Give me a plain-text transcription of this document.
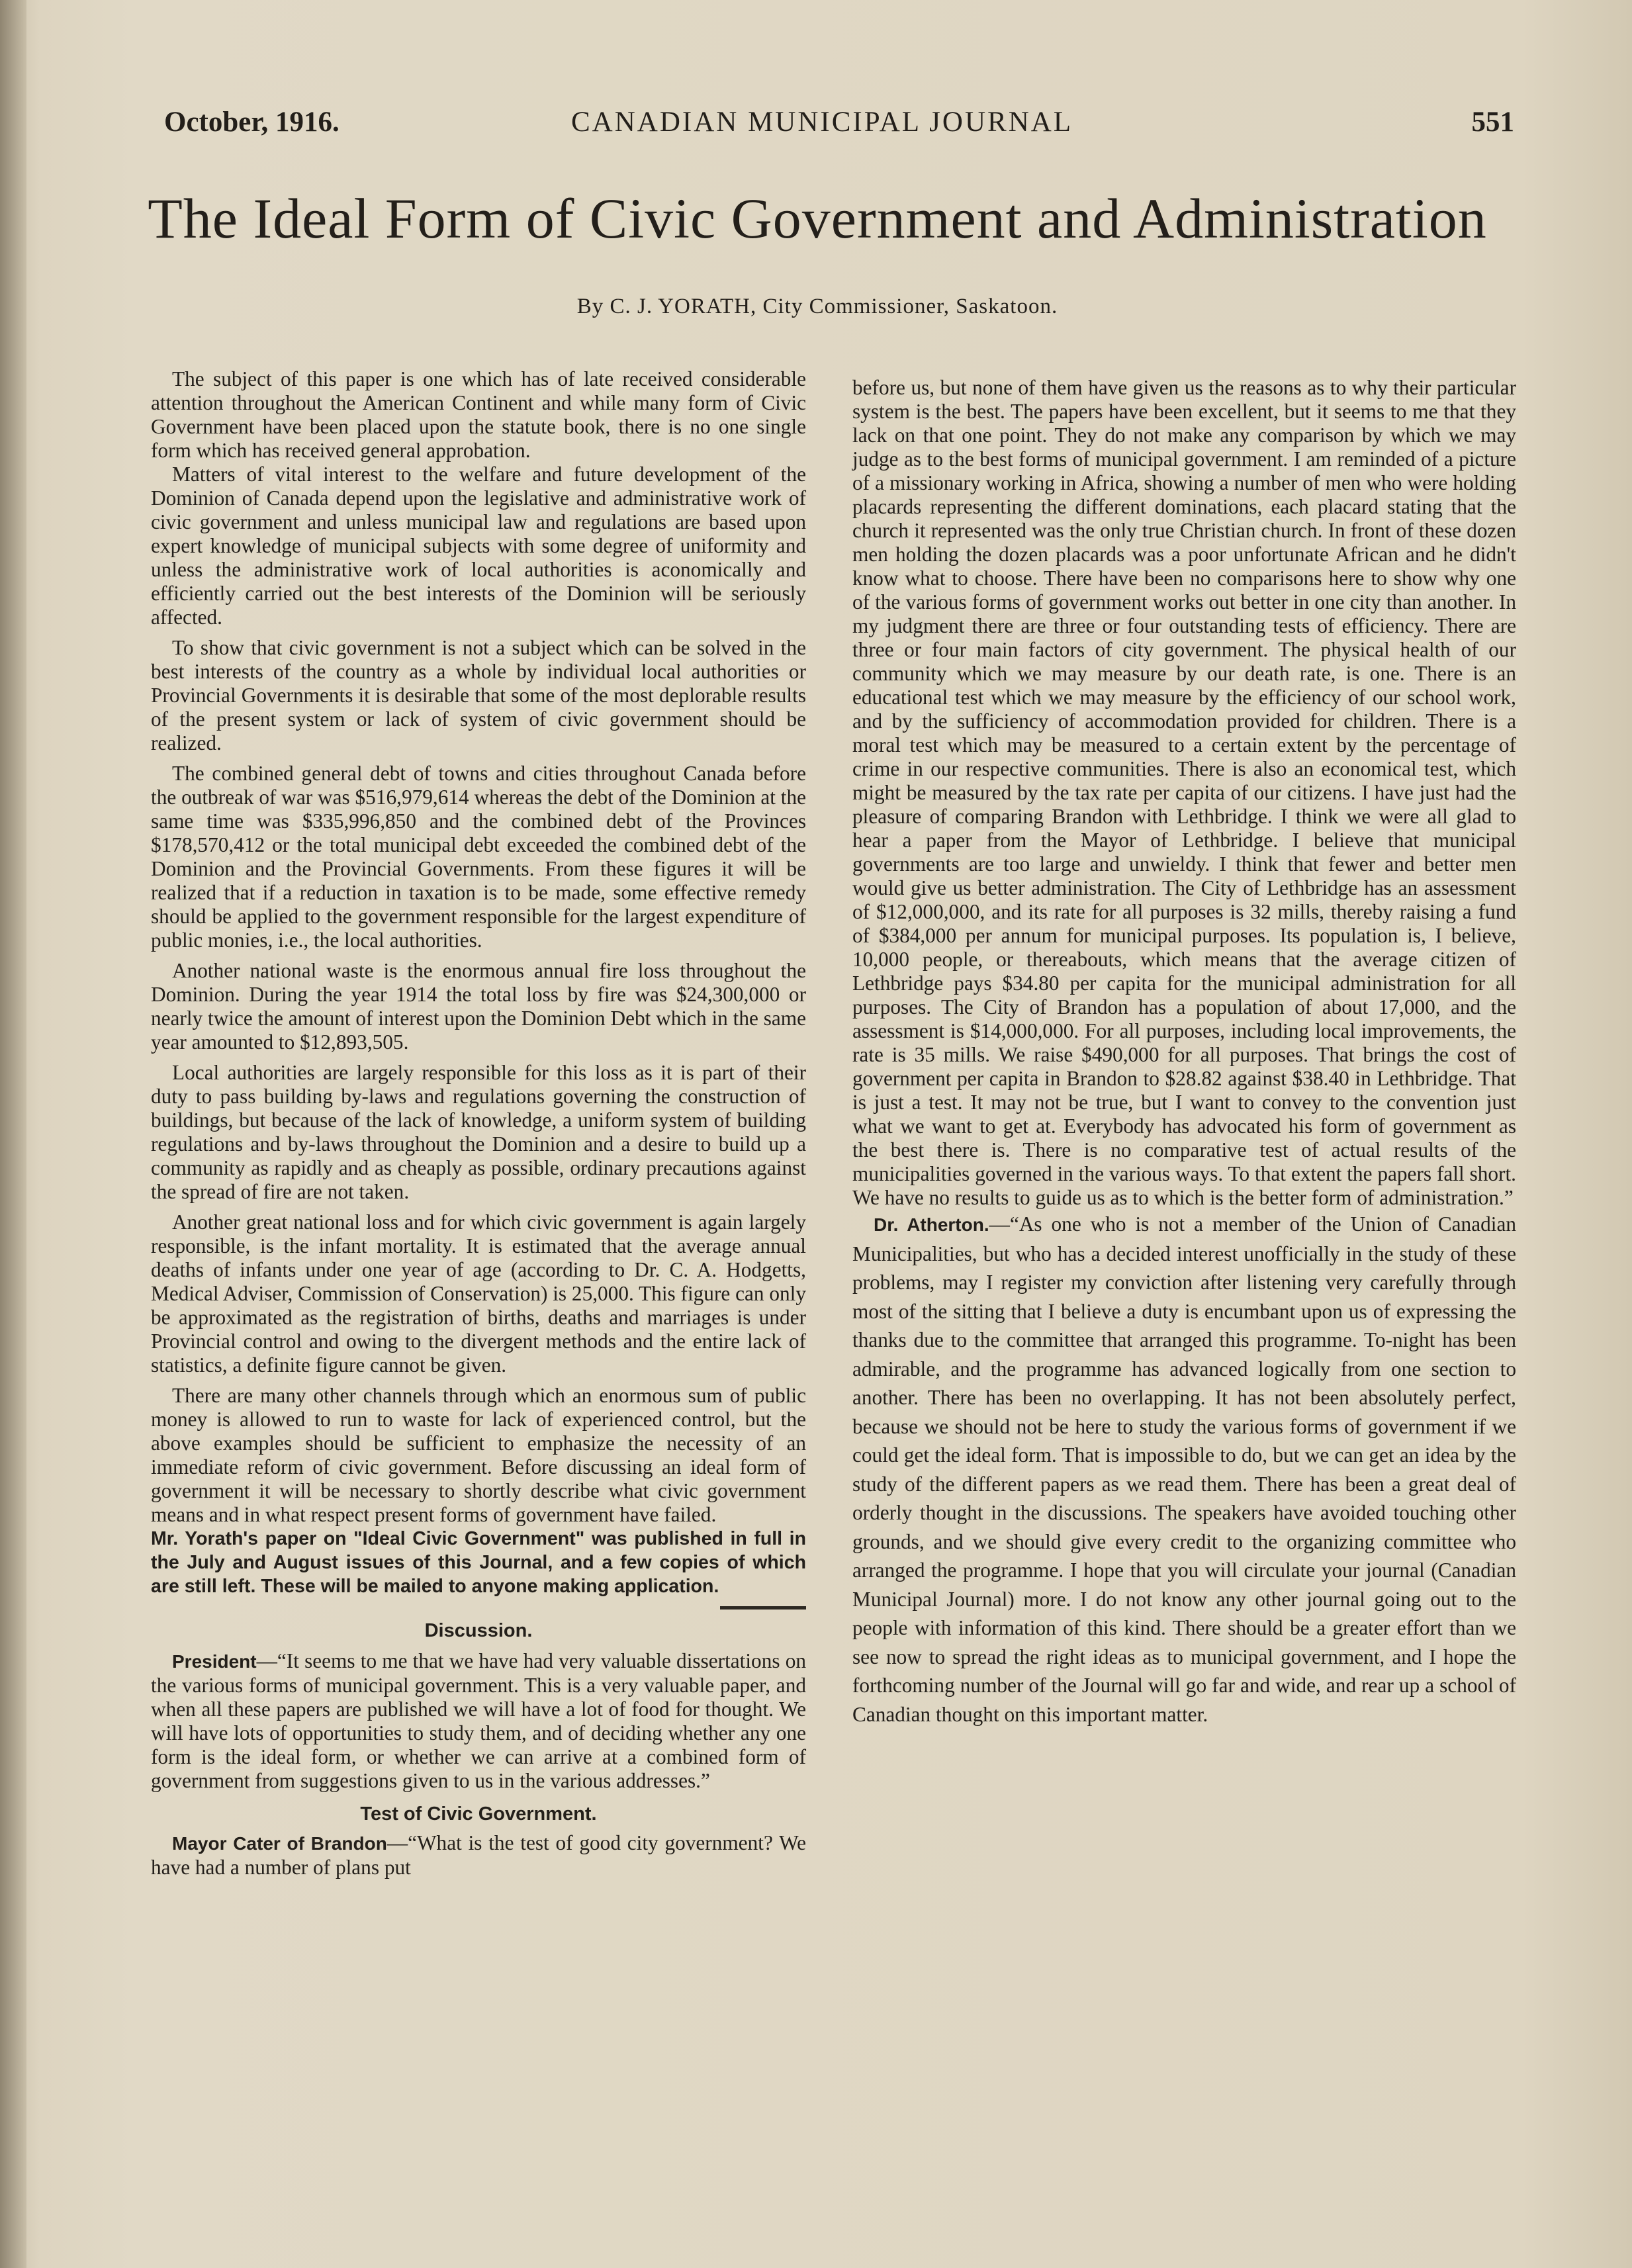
October, 1916.	CANADIAN MUNICIPAL JOURNAL	551
The Ideal Form of Civic Government and Administration
By C. J. YORATH, City Commissioner, Saskatoon.

The subject of this paper is one which has of late received considerable attention throughout the American Continent and while many form of Civic Government have been placed upon the statute book, there is no one single form which has received general approbation.

Matters of vital interest to the welfare and future development of the Dominion of Canada depend upon the legislative and administrative work of civic government and unless municipal law and regulations are based upon expert knowledge of municipal subjects with some degree of uniformity and unless the administrative work of local authorities is aconomically and efficiently carried out the best interests of the Dominion will be seriously affected.

To show that civic government is not a subject which can be solved in the best interests of the country as a whole by individual local authorities or Provincial Governments it is desirable that some of the most deplorable results of the present system or lack of system of civic government should be realized.

The combined general debt of towns and cities throughout Canada before the outbreak of war was $516,979,614 whereas the debt of the Dominion at the same time was $335,996,850 and the combined debt of the Provinces $178,570,412 or the total municipal debt exceeded the combined debt of the Dominion and the Provincial Governments. From these figures it will be realized that if a reduction in taxation is to be made, some effective remedy should be applied to the government responsible for the largest expenditure of public monies, i.e., the local authorities.

Another national waste is the enormous annual fire loss throughout the Dominion. During the year 1914 the total loss by fire was $24,300,000 or nearly twice the amount of interest upon the Dominion Debt which in the same year amounted to $12,893,505.

Local authorities are largely responsible for this loss as it is part of their duty to pass building by-laws and regulations governing the construction of buildings, but because of the lack of knowledge, a uniform system of building regulations and by-laws throughout the Dominion and a desire to build up a community as rapidly and as cheaply as possible, ordinary precautions against the spread of fire are not taken.

Another great national loss and for which civic government is again largely responsible, is the infant mortality. It is estimated that the average annual deaths of infants under one year of age (according to Dr. C. A. Hodgetts, Medical Adviser, Commission of Conservation) is 25,000. This figure can only be approximated as the registration of births, deaths and marriages is under Provincial control and owing to the divergent methods and the entire lack of statistics, a definite figure cannot be given.

There are many other channels through which an enormous sum of public money is allowed to run to waste for lack of experienced control, but the above examples should be sufficient to emphasize the necessity of an immediate reform of civic government. Before discussing an ideal form of government it will be necessary to shortly describe what civic government means and in what respect present forms of government have failed.

Mr. Yorath's paper on "Ideal Civic Government" was published in full in the July and August issues of this Journal, and a few copies of which are still left. These will be mailed to anyone making application.

Discussion.

President—“It seems to me that we have had very valuable dissertations on the various forms of municipal government. This is a very valuable paper, and when all these papers are published we will have a lot of food for thought. We will have lots of opportunities to study them, and of deciding whether any one form is the ideal form, or whether we can arrive at a combined form of government from suggestions given to us in the various addresses.”

Test of Civic Government.

Mayor Cater of Brandon—“What is the test of good city government? We have had a number of plans put

before us, but none of them have given us the reasons as to why their particular system is the best. The papers have been excellent, but it seems to me that they lack on that one point. They do not make any comparison by which we may judge as to the best forms of municipal government. I am reminded of a picture of a missionary working in Africa, showing a number of men who were holding placards representing the different dominations, each placard stating that the church it represented was the only true Christian church. In front of these dozen men holding the dozen placards was a poor unfortunate African and he didn't know what to choose. There have been no comparisons here to show why one of the various forms of government works out better in one city than another. In my judgment there are three or four outstanding tests of efficiency. There are three or four main factors of city government. The physical health of our community which we may measure by our death rate, is one. There is an educational test which we may measure by the efficiency of our school work, and by the sufficiency of accommodation provided for children. There is a moral test which may be measured to a certain extent by the percentage of crime in our respective communities. There is also an economical test, which might be measured by the tax rate per capita of our citizens. I have just had the pleasure of comparing Brandon with Lethbridge. I think we were all glad to hear a paper from the Mayor of Lethbridge. I believe that municipal governments are too large and unwieldy. I think that fewer and better men would give us better administration. The City of Lethbridge has an assessment of $12,000,000, and its rate for all purposes is 32 mills, thereby raising a fund of $384,000 per annum for municipal purposes. Its population is, I believe, 10,000 people, or thereabouts, which means that the average citizen of Lethbridge pays $34.80 per capita for the municipal administration for all purposes. The City of Brandon has a population of about 17,000, and the assessment is $14,000,000. For all purposes, including local improvements, the rate is 35 mills. We raise $490,000 for all purposes. That brings the cost of government per capita in Brandon to $28.82 against $38.40 in Lethbridge. That is just a test. It may not be true, but I want to convey to the convention just what we want to get at. Everybody has advocated his form of government as the best there is. There is no comparative test of actual results of the municipalities governed in the various ways. To that extent the papers fall short. We have no results to guide us as to which is the better form of administration.”

Dr. Atherton.—“As one who is not a member of the Union of Canadian Municipalities, but who has a decided interest unofficially in the study of these problems, may I register my conviction after listening very carefully through most of the sitting that I believe a duty is encumbant upon us of expressing the thanks due to the committee that arranged this programme. To-night has been admirable, and the programme has advanced logically from one section to another. There has been no overlapping. It has not been absolutely perfect, because we should not be here to study the various forms of government if we could get the ideal form. That is impossible to do, but we can get an idea by the study of the different papers as we read them. There has been a great deal of orderly thought in the discussions. The speakers have avoided touching other grounds, and we should give every credit to the organizing committee who arranged the programme. I hope that you will circulate your journal (Canadian Municipal Journal) more. I do not know any other journal going out to the people with information of this kind. There should be a greater effort than we see now to spread the right ideas as to municipal government, and I hope the forthcoming number of the Journal will go far and wide, and rear up a school of Canadian thought on this important matter.
